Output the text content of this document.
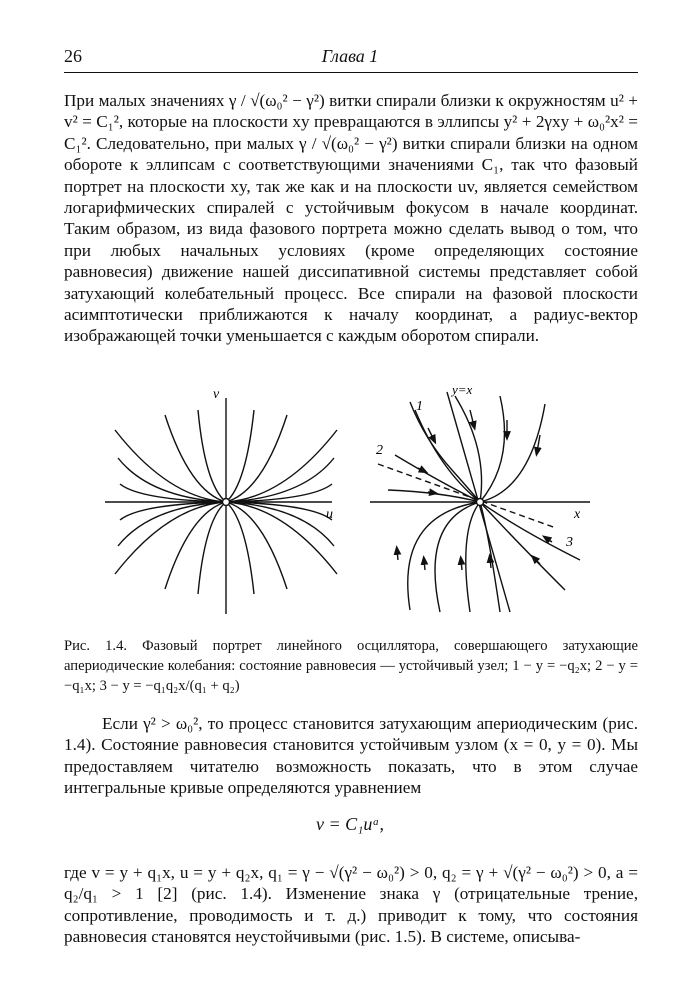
26	Глава 1

При малых значениях γ / √(ω₀² − γ²) витки спирали близки к окружностям u² + v² = C₁², которые на плоскости xy превращаются в эллипсы y² + 2γxy + ω₀²x² = C₁². Следовательно, при малых γ / √(ω₀² − γ²) витки спирали близки на одном обороте к эллипсам с соответствующими значениями C₁, так что фазовый портрет на плоскости xy, так же как и на плоскости uv, является семейством логарифмических спиралей с устойчивым фокусом в начале координат. Таким образом, из вида фазового портрета можно сделать вывод о том, что при любых начальных условиях (кроме определяющих состояние равновесия) движение нашей диссипативной системы представляет собой затухающий колебательный процесс. Все спирали на фазовой плоскости асимптотически приближаются к началу координат, а радиус-вектор изображающей точки уменьшается с каждым оборотом спирали.

v
u
y=x
x
1
2
3

Рис. 1.4. Фазовый портрет линейного осциллятора, совершающего затухающие апериодические колебания: состояние равновесия — устойчивый узел; 1 − y = −q₂x; 2 − y = −q₁x; 3 − y = −q₁q₂x/(q₁ + q₂)

Если γ² > ω₀², то процесс становится затухающим апериодическим (рис. 1.4). Состояние равновесия становится устойчивым узлом (x = 0, y = 0). Мы предоставляем читателю возможность показать, что в этом случае интегральные кривые определяются уравнением

v = C₁uᵃ,

где v = y + q₁x, u = y + q₂x, q₁ = γ − √(γ² − ω₀²) > 0, q₂ = γ + √(γ² − ω₀²) > 0, a = q₂/q₁ > 1 [2] (рис. 1.4). Изменение знака γ (отрицательные трение, сопротивление, проводимость и т. д.) приводит к тому, что состояния равновесия становятся неустойчивыми (рис. 1.5). В системе, описыва-
